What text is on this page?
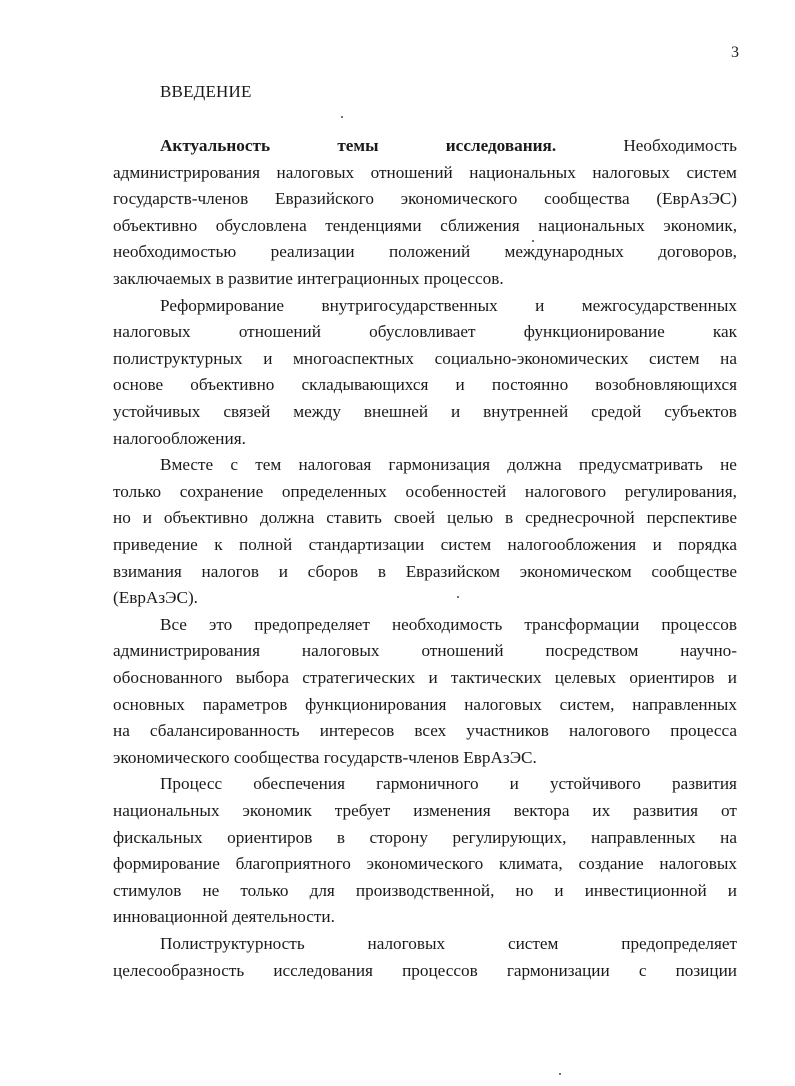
3
ВВЕДЕНИЕ
Актуальность	темы	исследования.	Необходимость
администрирования налоговых отношений национальных налоговых систем
государств-членов Евразийского экономического сообщества (ЕврАзЭС)
объективно обусловлена тенденциями сближения национальных экономик,
необходимостью реализации положений международных договоров,
заключаемых в развитие интеграционных процессов.
Реформирование внутригосударственных и межгосударственных
налоговых	отношений	обусловливает	функционирование	как
полиструктурных и многоаспектных социально-экономических систем на
основе объективно складывающихся и постоянно возобновляющихся
устойчивых связей между внешней и внутренней средой субъектов
налогообложения.
Вместе с тем налоговая гармонизация должна предусматривать не
только сохранение определенных особенностей налогового регулирования,
но и объективно должна ставить своей целью в среднесрочной перспективе
приведение к полной стандартизации систем налогообложения и порядка
взимания налогов и сборов в Евразийском экономическом сообществе
(ЕврАзЭС).
Все это предопределяет необходимость трансформации процессов
администрирования налоговых отношений посредством научно-
обоснованного выбора стратегических и тактических целевых ориентиров и
основных параметров функционирования налоговых систем, направленных
на сбалансированность интересов всех участников налогового процесса
экономического сообщества государств-членов ЕврАзЭС.
Процесс обеспечения гармоничного и устойчивого развития
национальных экономик требует изменения вектора их развития от
фискальных ориентиров в сторону регулирующих, направленных на
формирование благоприятного экономического климата, создание налоговых
стимулов не только для производственной, но и инвестиционной и
инновационной деятельности.
Полиструктурность	налоговых	систем	предопределяет
целесообразность исследования процессов гармонизации с позиции
